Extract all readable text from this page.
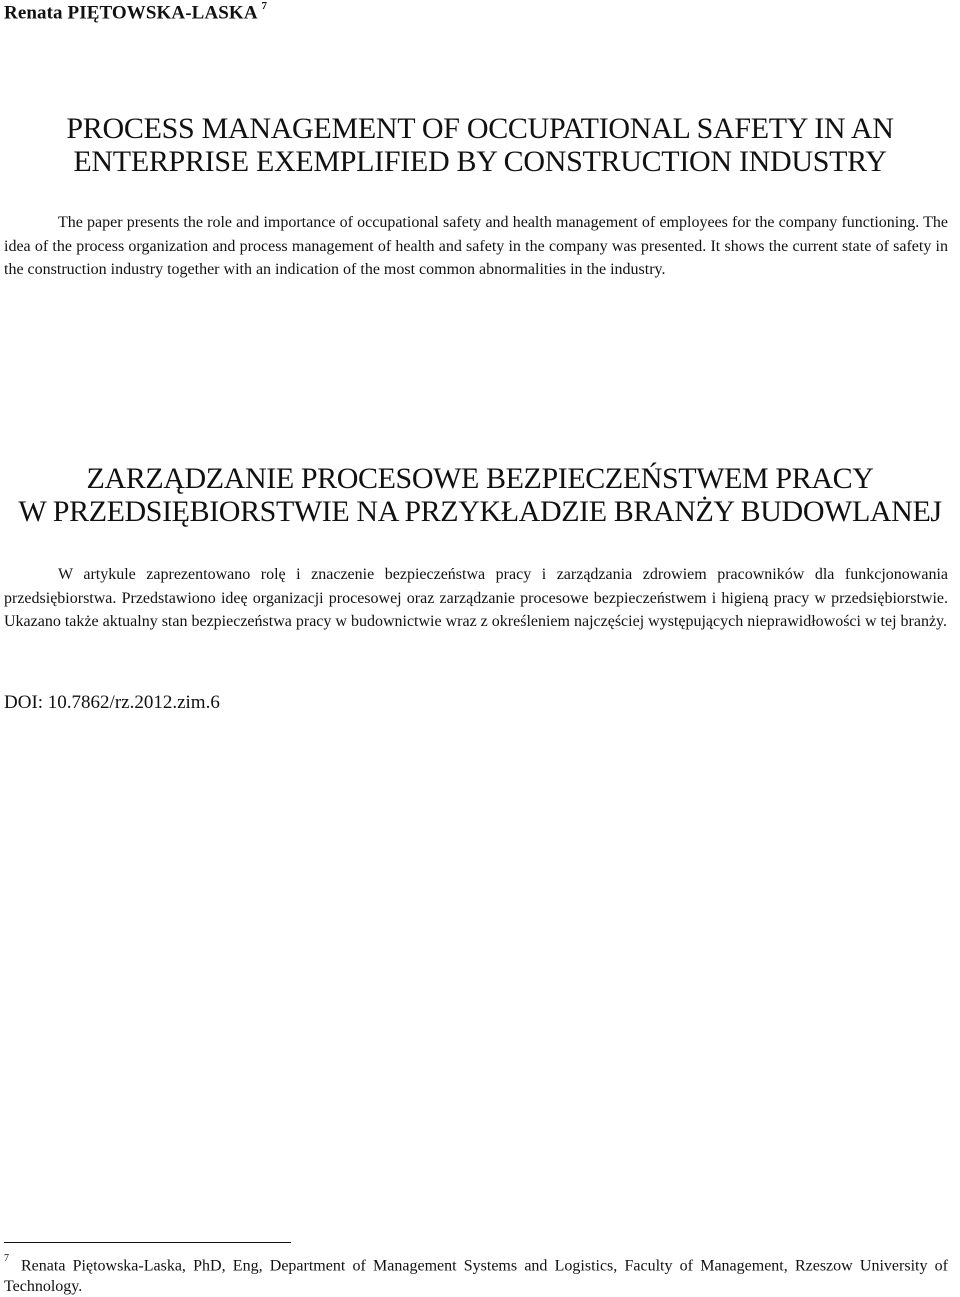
Renata PIĘTOWSKA-LASKA $^7$
PROCESS MANAGEMENT OF OCCUPATIONAL SAFETY IN AN
ENTERPRISE EXEMPLIFIED BY CONSTRUCTION INDUSTRY
The paper presents the role and importance of occupational safety and health management of employees for the company functioning. The idea of the process organization and process management of health and safety in the company was presented. It shows the current state of safety in the construction industry together with an indication of the most common abnormalities in the industry.
ZARZĄDZANIE PROCESOWE BEZPIECZEŃSTWEM PRACY
W PRZEDSIĘBIORSTWIE NA PRZYKŁADZIE BRANŻY BUDOWLANEJ
W artykule zaprezentowano rolę i znaczenie bezpieczeństwa pracy i zarządzania zdrowiem pracowników dla funkcjonowania przedsiębiorstwa. Przedstawiono ideę organizacji procesowej oraz zarządzanie procesowe bezpieczeństwem i higieną pracy w przedsiębiorstwie. Ukazano także aktualny stan bezpieczeństwa pracy w budownictwie wraz z określeniem najczęściej występujących nieprawidłowości w tej branży.
DOI: 10.7862/rz.2012.zim.6
$^7$ Renata Piętowska-Laska, PhD, Eng, Department of Management Systems and Logistics, Faculty of Management, Rzeszow University of Technology.
